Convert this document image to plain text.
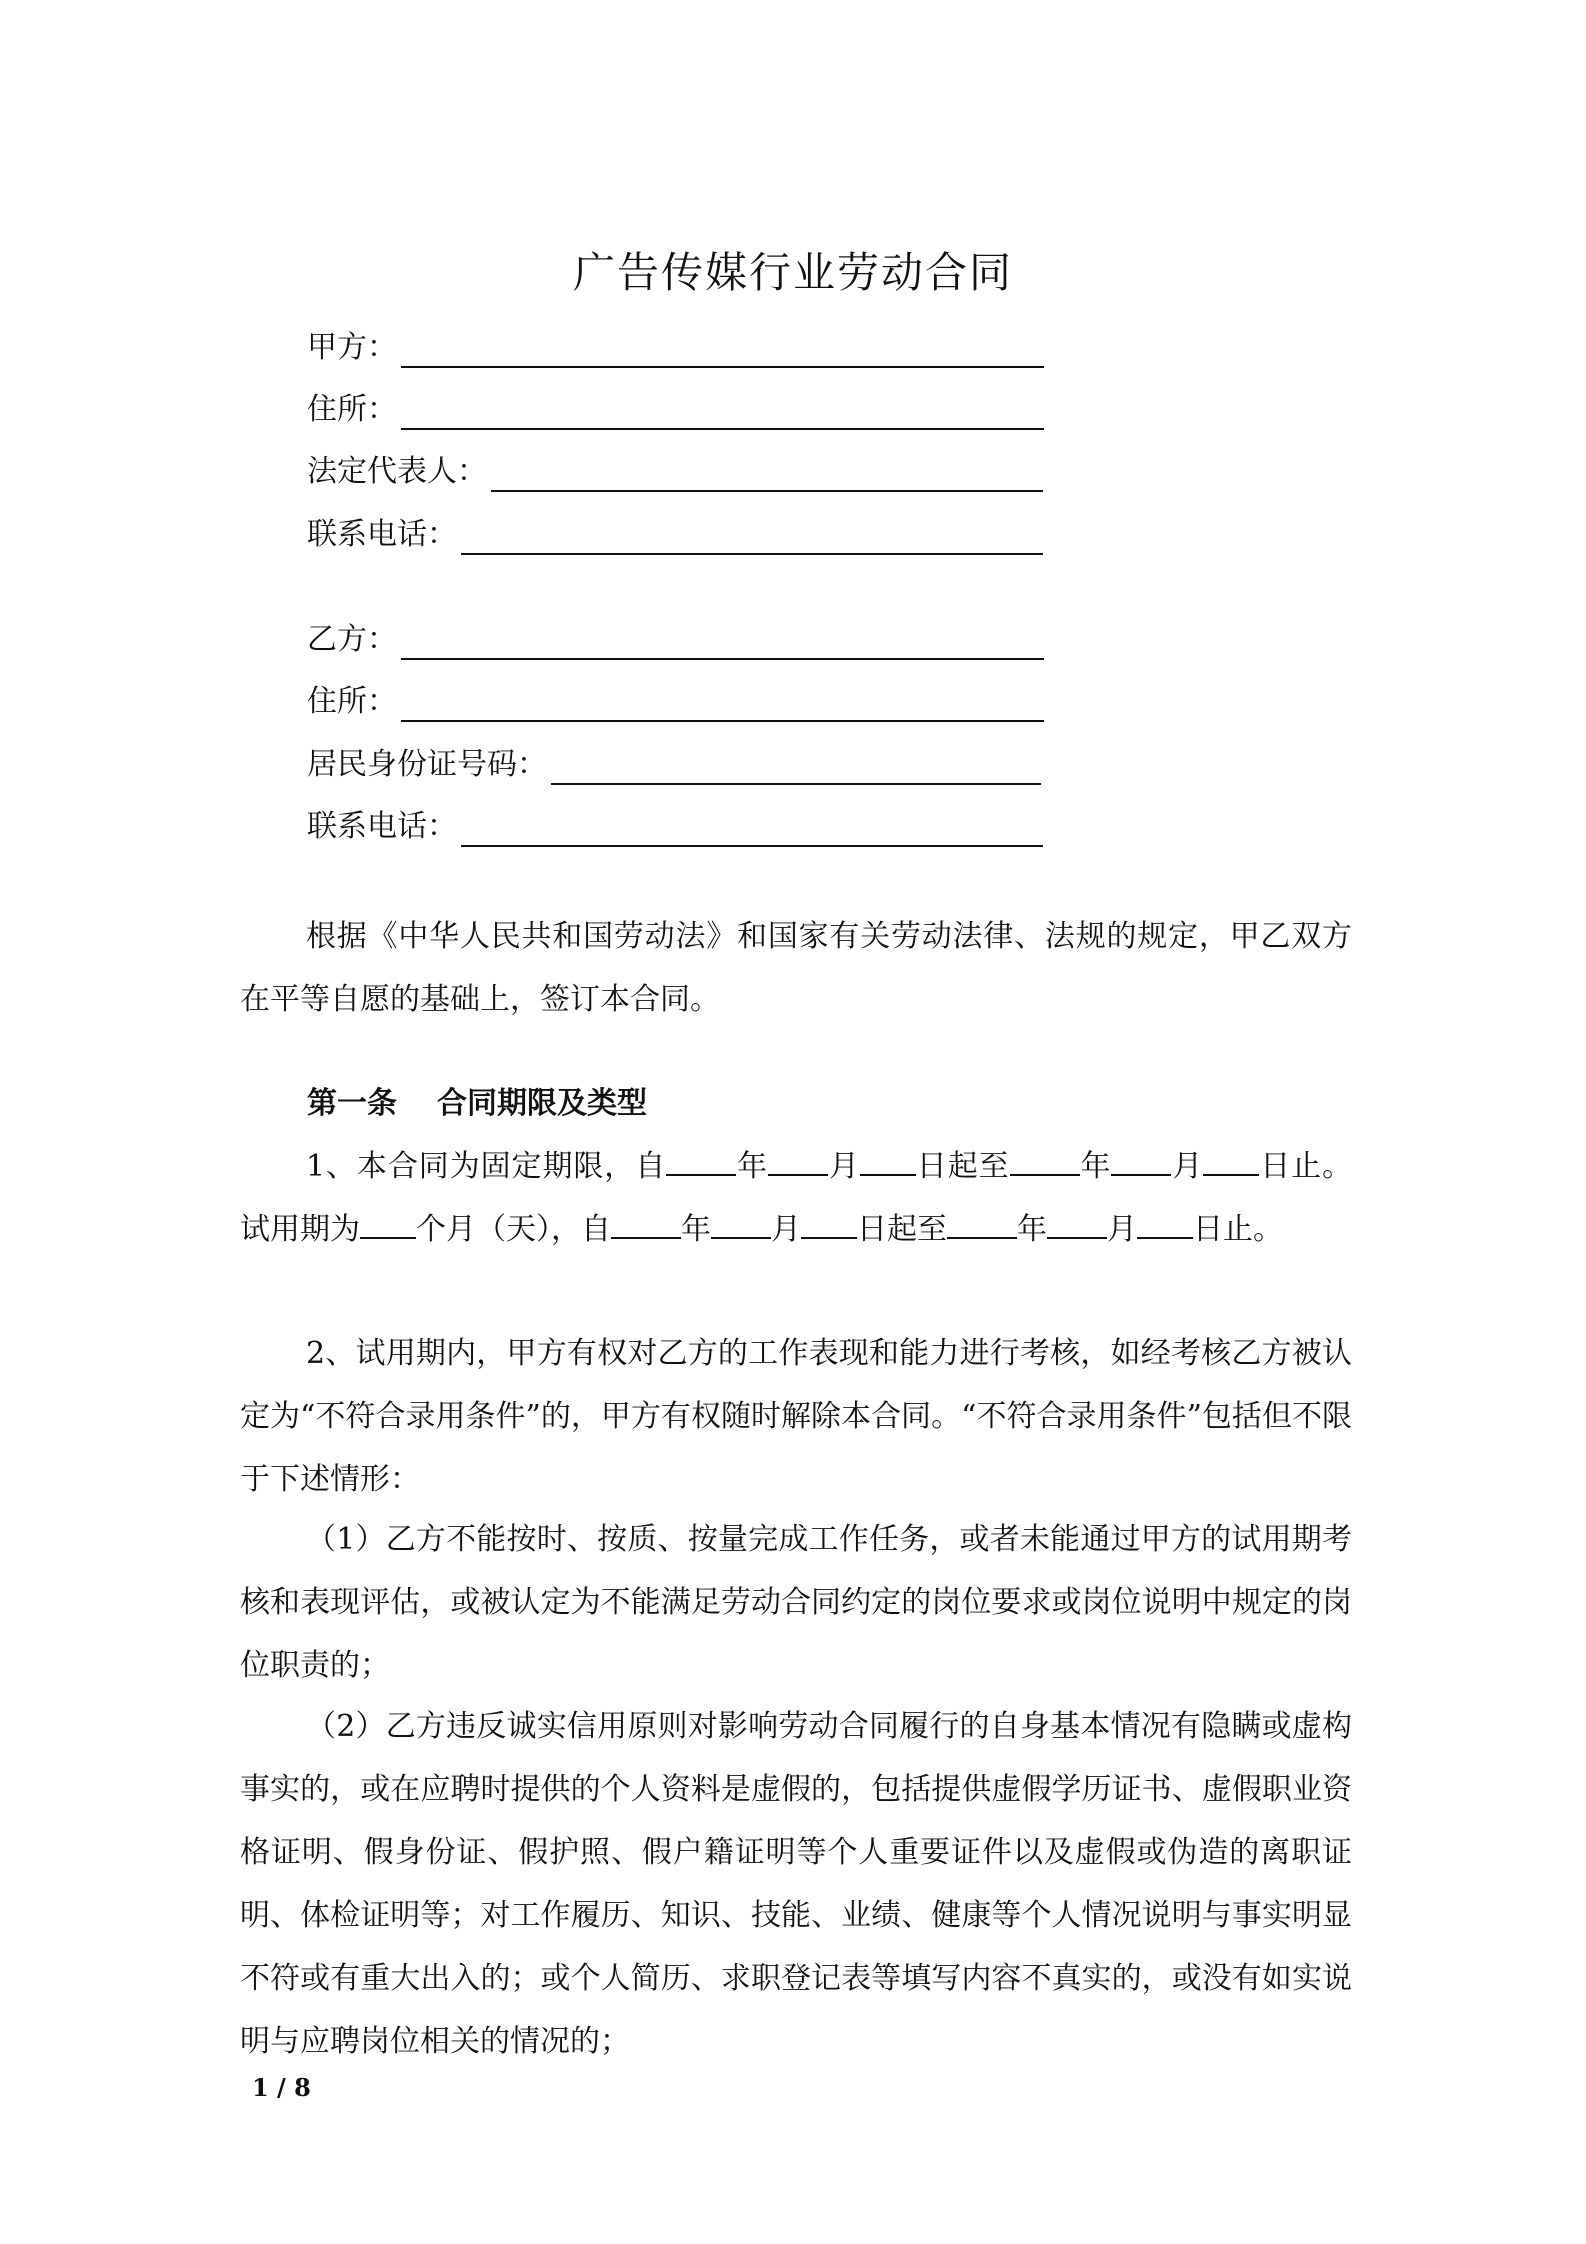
广告传媒行业劳动合同
甲方：
住所：
法定代表人：
联系电话：
乙方：
住所：
居民身份证号码：
联系电话：
根据《中华人民共和国劳动法》和国家有关劳动法律、法规的规定，甲乙双方在平等自愿的基础上，签订本合同。
第一条 合同期限及类型
1、本合同为固定期限，自 年 月 日起至 年 月 日止。试用期为 个月（天），自 年 月 日起至 年 月 日止。
2、试用期内，甲方有权对乙方的工作表现和能力进行考核，如经考核乙方被认定为“不符合录用条件”的，甲方有权随时解除本合同。“不符合录用条件”包括但不限于下述情形：
（1）乙方不能按时、按质、按量完成工作任务，或者未能通过甲方的试用期考核和表现评估，或被认定为不能满足劳动合同约定的岗位要求或岗位说明中规定的岗位职责的；
（2）乙方违反诚实信用原则对影响劳动合同履行的自身基本情况有隐瞒或虚构事实的，或在应聘时提供的个人资料是虚假的，包括提供虚假学历证书、虚假职业资格证明、假身份证、假护照、假户籍证明等个人重要证件以及虚假或伪造的离职证明、体检证明等；对工作履历、知识、技能、业绩、健康等个人情况说明与事实明显不符或有重大出入的；或个人简历、求职登记表等填写内容不真实的，或没有如实说明与应聘岗位相关的情况的；
1 / 8
